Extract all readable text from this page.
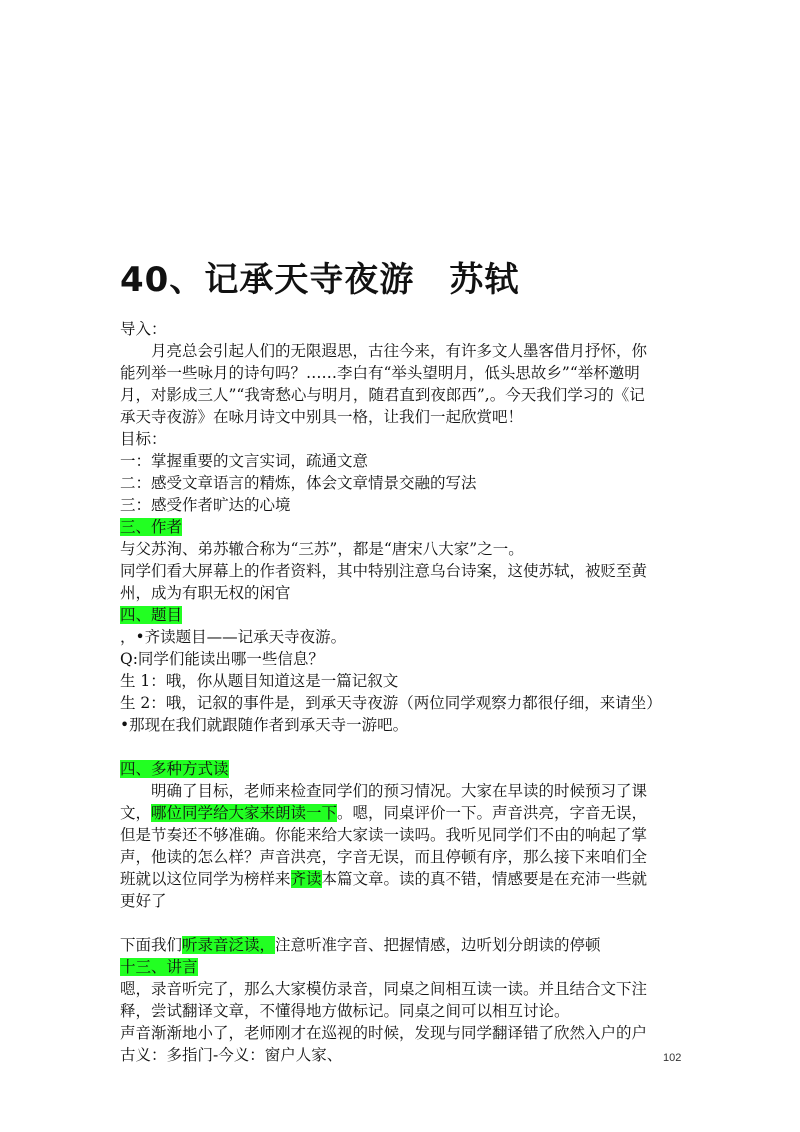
40、记承天寺夜游　苏轼
导入：
月亮总会引起人们的无限遐思，古往今来，有许多文人墨客借月抒怀，你
能列举一些咏月的诗句吗？……李白有“举头望明月，低头思故乡”“举杯邀明
月，对影成三人”“我寄愁心与明月，随君直到夜郎西”,。今天我们学习的《记
承天寺夜游》在咏月诗文中别具一格，让我们一起欣赏吧！
目标：
一：掌握重要的文言实词，疏通文意
二：感受文章语言的精炼，体会文章情景交融的写法
三：感受作者旷达的心境
三、作者
与父苏洵、弟苏辙合称为“三苏”，都是“唐宋八大家”之一。
同学们看大屏幕上的作者资料，其中特别注意乌台诗案，这使苏轼，被贬至黄
州，成为有职无权的闲官
四、题目
，•齐读题目——记承天寺夜游。
Q:同学们能读出哪一些信息？
生 1：哦，你从题目知道这是一篇记叙文
生 2：哦，记叙的事件是，到承天寺夜游（两位同学观察力都很仔细，来请坐）
•那现在我们就跟随作者到承天寺一游吧。
四、多种方式读
明确了目标，老师来检查同学们的预习情况。大家在早读的时候预习了课
文，哪位同学给大家来朗读一下。嗯，同桌评价一下。声音洪亮，字音无误，
但是节奏还不够准确。你能来给大家读一读吗。我听见同学们不由的响起了掌
声，他读的怎么样？声音洪亮，字音无误，而且停顿有序，那么接下来咱们全
班就以这位同学为榜样来齐读本篇文章。读的真不错，情感要是在充沛一些就
更好了
下面我们听录音泛读，注意听准字音、把握情感，边听划分朗读的停顿
十三、讲言
嗯，录音听完了，那么大家模仿录音，同桌之间相互读一读。并且结合文下注
释，尝试翻译文章，不懂得地方做标记。同桌之间可以相互讨论。
声音渐渐地小了，老师刚才在巡视的时候，发现与同学翻译错了欣然入户的户
古义：多指门-今义：窗户人家、	102
